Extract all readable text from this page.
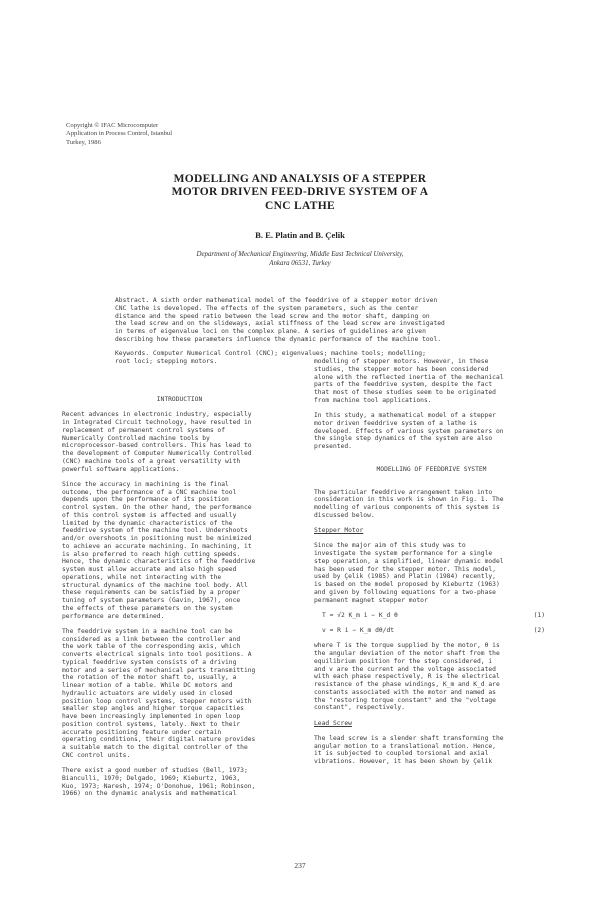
Copyright © IFAC Microcomputer
Application in Process Control, Istanbul
Turkey, 1986
MODELLING AND ANALYSIS OF A STEPPER
MOTOR DRIVEN FEED-DRIVE SYSTEM OF A
CNC LATHE
B. E. Platin and B. Çelik
Department of Mechanical Engineering, Middle East Technical University,
Ankara 06531, Turkey
Abstract. A sixth order mathematical model of the feeddrive of a stepper motor driven
CNC lathe is developed. The effects of the system parameters, such as the center
distance and the speed ratio between the lead screw and the motor shaft, damping on
the lead screw and on the slideways, axial stiffness of the lead screw are investigated
in terms of eigenvalue loci on the complex plane. A series of guidelines are given
describing how these parameters influence the dynamic performance of the machine tool.
Keywords. Computer Numerical Control (CNC); eigenvalues; machine tools; modelling;
root loci; stepping motors.
INTRODUCTION
Recent advances in electronic industry, especially
in Integrated Circuit technology, have resulted in
replacement of permanent control systems of
Numerically Controlled machine tools by
microprocessor-based controllers. This has lead to
the development of Computer Numerically Controlled
(CNC) machine tools of a great versatility with
powerful software applications.
Since the accuracy in machining is the final
outcome, the performance of a CNC machine tool
depends upon the performance of its position
control system. On the other hand, the performance
of this control system is affected and usually
limited by the dynamic characteristics of the
feeddrive system of the machine tool. Undershoots
and/or overshoots in positioning must be minimized
to achieve an accurate machining. In machining, it
is also preferred to reach high cutting speeds.
Hence, the dynamic characteristics of the feeddrive
system must allow accurate and also high speed
operations, while not interacting with the
structural dynamics of the machine tool body. All
these requirements can be satisfied by a proper
tuning of system parameters (Gavin, 1967), once
the effects of these parameters on the system
performance are determined.
The feeddrive system in a machine tool can be
considered as a link between the controller and
the work table of the corresponding axis, which
converts electrical signals into tool positions. A
typical feeddrive system consists of a driving
motor and a series of mechanical parts transmitting
the rotation of the motor shaft to, usually, a
linear motion of a table. While DC motors and
hydraulic actuators are widely used in closed
position loop control systems, stepper motors with
smaller step angles and higher torque capacities
have been increasingly implemented in open loop
position control systems, lately. Next to their
accurate positioning feature under certain
operating conditions, their digital nature provides
a suitable match to the digital controller of the
CNC control units.
There exist a good number of studies (Bell, 1973;
Bianculli, 1970; Delgado, 1969; Kieburtz, 1963,
Kuo, 1973; Naresh, 1974; O'Donohue, 1961; Robinson,
1966) on the dynamic analysis and mathematical
modelling of stepper motors. However, in these
studies, the stepper motor has been considered
alone with the reflected inertia of the mechanical
parts of the feeddrive system, despite the fact
that most of these studies seem to be originated
from machine tool applications.
In this study, a mathematical model of a stepper
motor driven feeddrive system of a lathe is
developed. Effects of various system parameters on
the single step dynamics of the system are also
presented.
MODELLING OF FEEDDRIVE SYSTEM
The particular feeddrive arrangement taken into
consideration in this work is shown in Fig. 1. The
modelling of various components of this system is
discussed below.
Stepper Motor
Since the major aim of this study was to
investigate the system performance for a single
step operation, a simplified, linear dynamic model
has been used for the stepper motor. This model,
used by Çelik (1985) and Platin (1984) recently,
is based on the model proposed by Kieburtz (1963)
and given by following equations for a two-phase
permanent magnet stepper motor
T = √2 K_m i − K_d θ	(1)
v = R i − K_m dθ/dt	(2)
where T is the torque supplied by the motor, θ is
the angular deviation of the motor shaft from the
equilibrium position for the step considered, i
and v are the current and the voltage associated
with each phase respectively, R is the electrical
resistance of the phase windings, K_m and K_d are
constants associated with the motor and named as
the "restoring torque constant" and the "voltage
constant", respectively.
Lead Screw
The lead screw is a slender shaft transforming the
angular motion to a translational motion. Hence,
it is subjected to coupled torsional and axial
vibrations. However, it has been shown by Çelik
237
